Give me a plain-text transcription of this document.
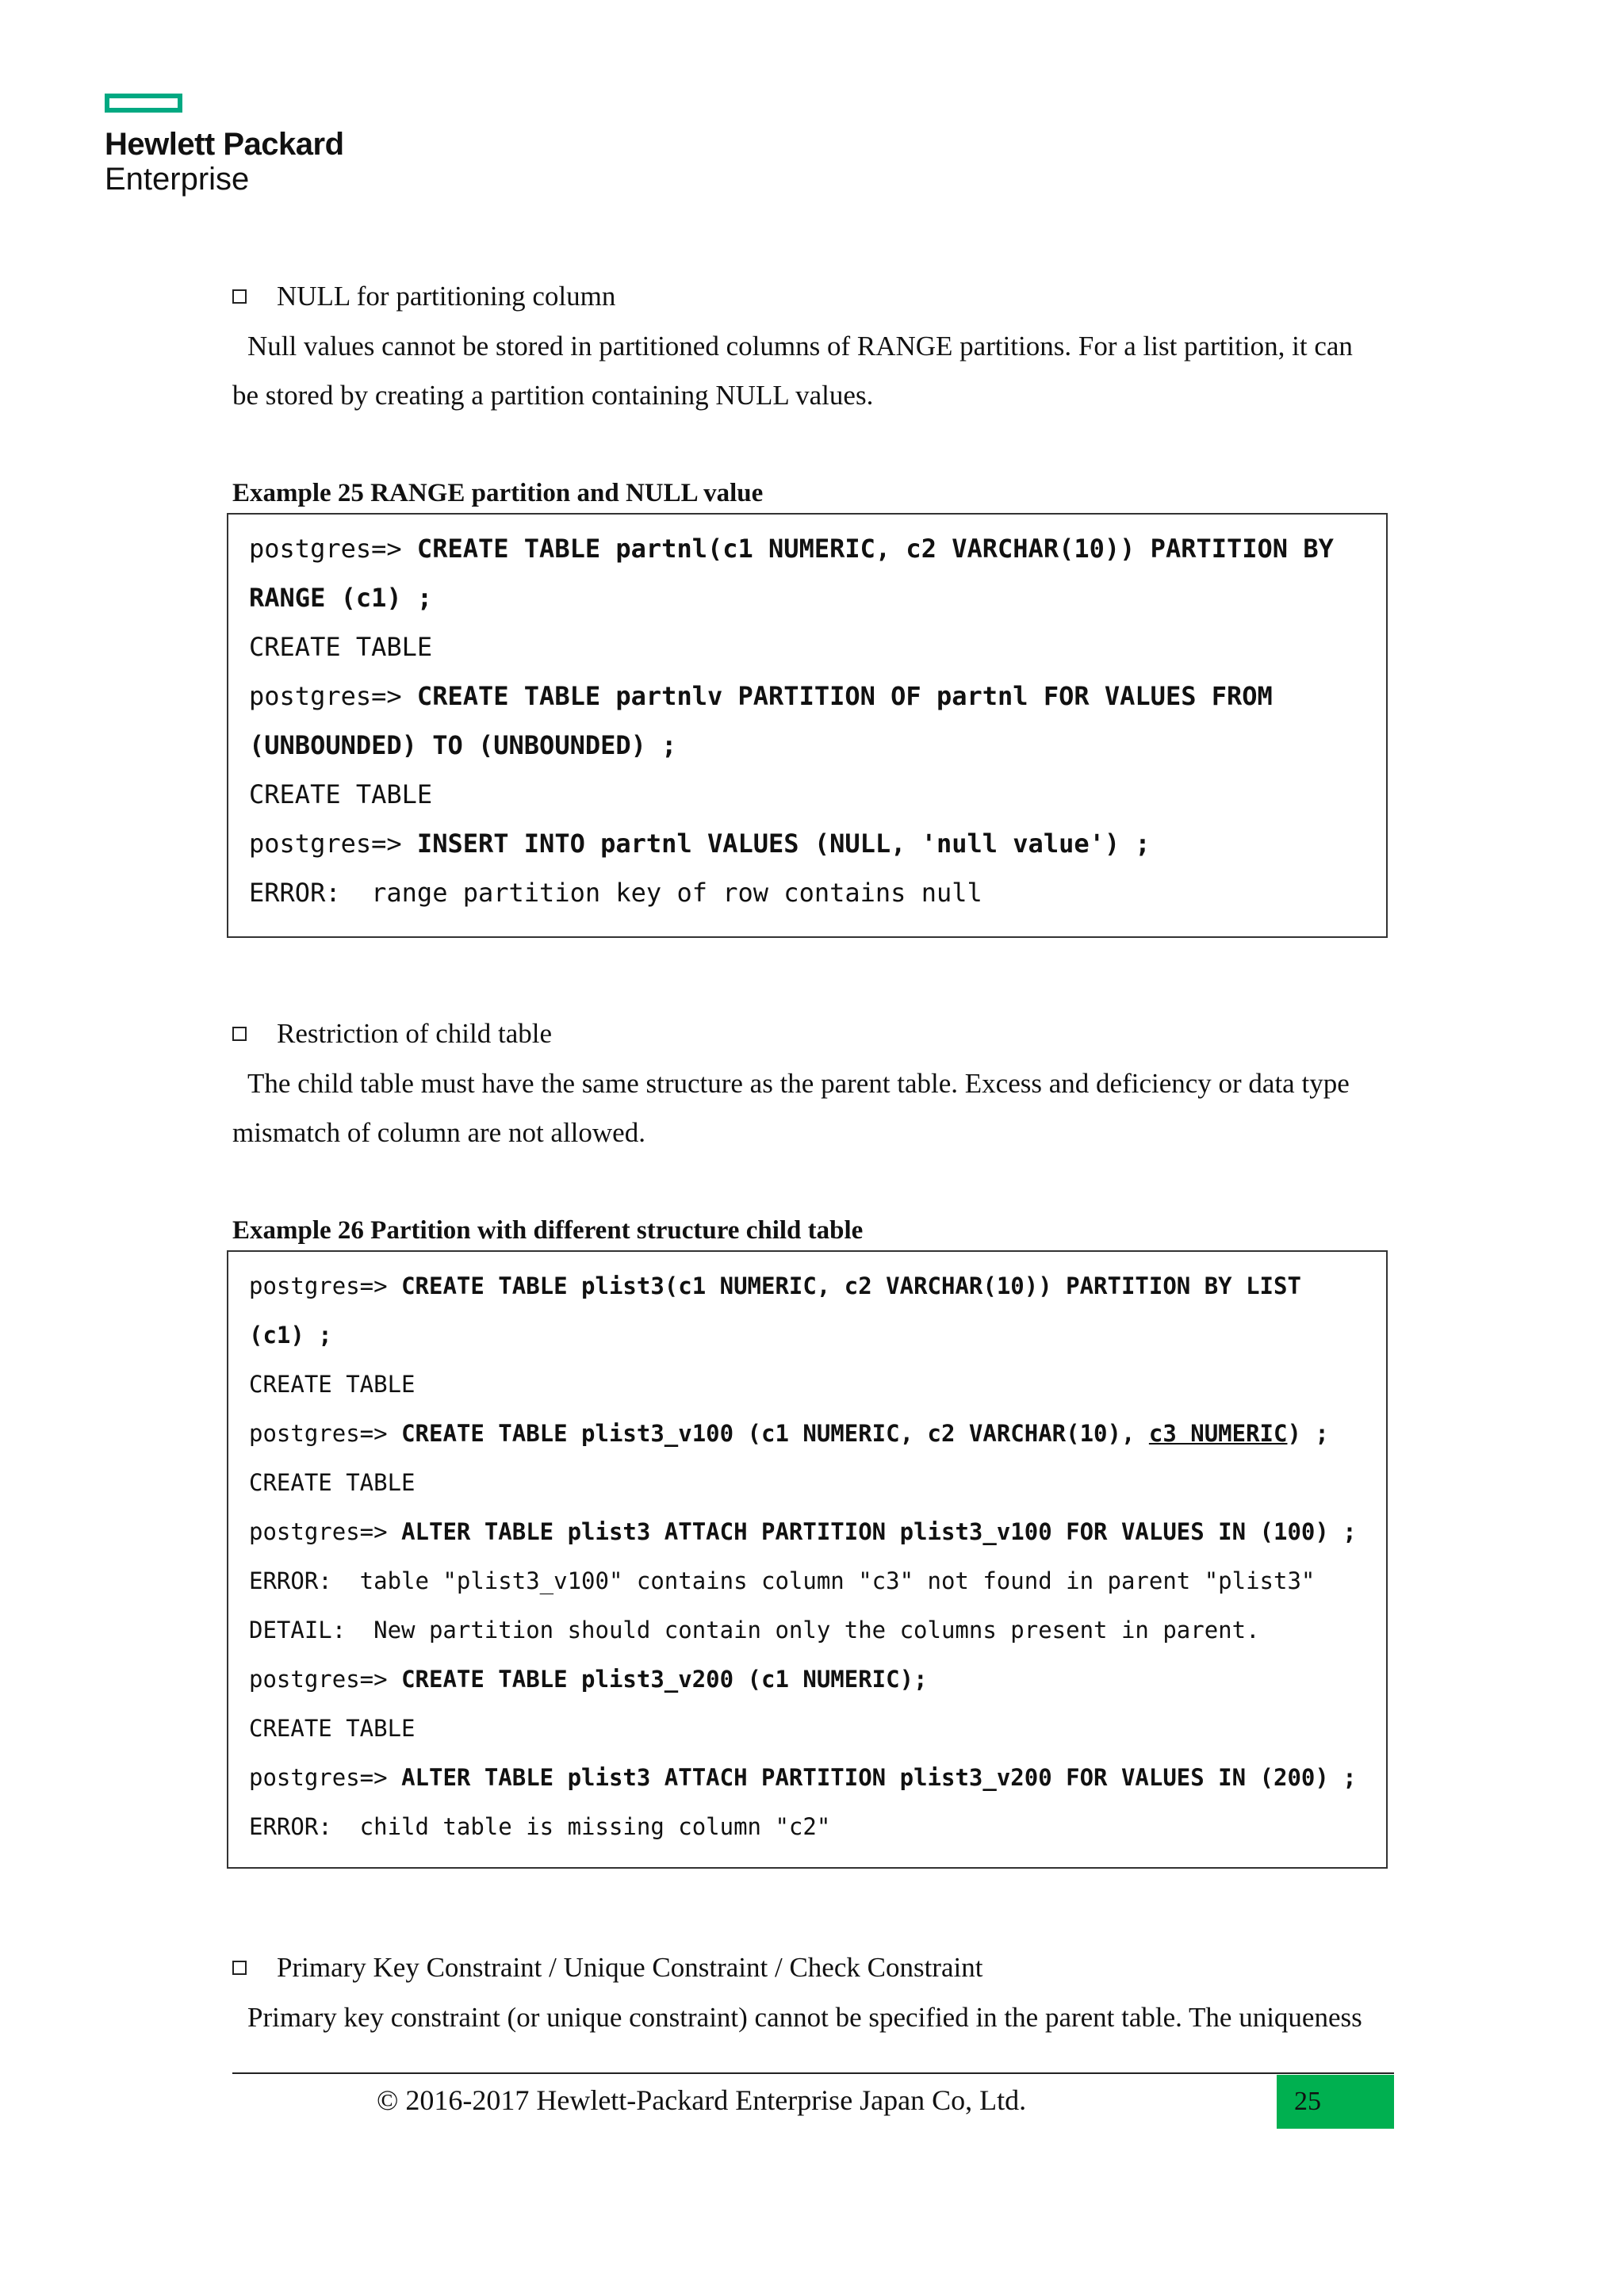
Hewlett Packard
Enterprise
NULL for partitioning column
Null values cannot be stored in partitioned columns of RANGE partitions. For a list partition, it can
be stored by creating a partition containing NULL values.
Example 25 RANGE partition and NULL value
postgres=> CREATE TABLE partnl(c1 NUMERIC, c2 VARCHAR(10)) PARTITION BY
RANGE (c1) ;
CREATE TABLE
postgres=> CREATE TABLE partnlv PARTITION OF partnl FOR VALUES FROM
(UNBOUNDED) TO (UNBOUNDED) ;
CREATE TABLE
postgres=> INSERT INTO partnl VALUES (NULL, 'null value') ;
ERROR:  range partition key of row contains null
Restriction of child table
The child table must have the same structure as the parent table. Excess and deficiency or data type
mismatch of column are not allowed.
Example 26 Partition with different structure child table
postgres=> CREATE TABLE plist3(c1 NUMERIC, c2 VARCHAR(10)) PARTITION BY LIST
(c1) ;
CREATE TABLE
postgres=> CREATE TABLE plist3_v100 (c1 NUMERIC, c2 VARCHAR(10), c3 NUMERIC) ;
CREATE TABLE
postgres=> ALTER TABLE plist3 ATTACH PARTITION plist3_v100 FOR VALUES IN (100) ;
ERROR:  table "plist3_v100" contains column "c3" not found in parent "plist3"
DETAIL:  New partition should contain only the columns present in parent.
postgres=> CREATE TABLE plist3_v200 (c1 NUMERIC);
CREATE TABLE
postgres=> ALTER TABLE plist3 ATTACH PARTITION plist3_v200 FOR VALUES IN (200) ;
ERROR:  child table is missing column "c2"
Primary Key Constraint / Unique Constraint / Check Constraint
Primary key constraint (or unique constraint) cannot be specified in the parent table. The uniqueness
© 2016-2017 Hewlett-Packard Enterprise Japan Co, Ltd.	25
